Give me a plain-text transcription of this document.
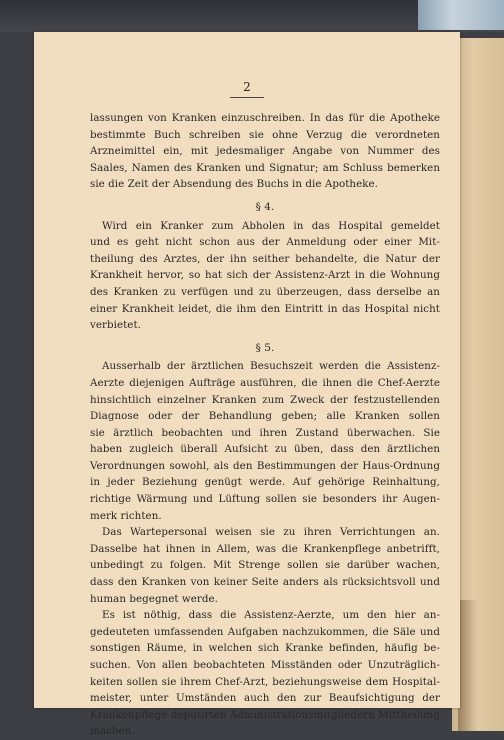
2
lassungen von Kranken einzuschreiben. In das für die Apotheke
bestimmte Buch schreiben sie ohne Verzug die verordneten
Arzneimittel ein, mit jedesmaliger Angabe von Nummer des
Saales, Namen des Kranken und Signatur; am Schluss bemerken
sie die Zeit der Absendung des Buchs in die Apotheke.
§ 4.
Wird ein Kranker zum Abholen in das Hospital gemeldet
und es geht nicht schon aus der Anmeldung oder einer Mit-
theilung des Arztes, der ihn seither behandelte, die Natur der
Krankheit hervor, so hat sich der Assistenz-Arzt in die Wohnung
des Kranken zu verfügen und zu überzeugen, dass derselbe an
einer Krankheit leidet, die ihm den Eintritt in das Hospital nicht
verbietet.
§ 5.
Ausserhalb der ärztlichen Besuchszeit werden die Assistenz-
Aerzte diejenigen Aufträge ausführen, die ihnen die Chef-Aerzte
hinsichtlich einzelner Kranken zum Zweck der festzustellenden
Diagnose oder der Behandlung geben; alle Kranken sollen
sie ärztlich beobachten und ihren Zustand überwachen. Sie
haben zugleich überall Aufsicht zu üben, dass den ärztlichen
Verordnungen sowohl, als den Bestimmungen der Haus-Ordnung
in jeder Beziehung genügt werde. Auf gehörige Reinhaltung,
richtige Wärmung und Lüftung sollen sie besonders ihr Augen-
merk richten.
Das Wartepersonal weisen sie zu ihren Verrichtungen an.
Dasselbe hat ihnen in Allem, was die Krankenpflege anbetrifft,
unbedingt zu folgen. Mit Strenge sollen sie darüber wachen,
dass den Kranken von keiner Seite anders als rücksichtsvoll und
human begegnet werde.
Es ist nöthig, dass die Assistenz-Aerzte, um den hier an-
gedeuteten umfassenden Aufgaben nachzukommen, die Säle und
sonstigen Räume, in welchen sich Kranke befinden, häufig be-
suchen. Von allen beobachteten Misständen oder Unzuträglich-
keiten sollen sie ihrem Chef-Arzt, beziehungsweise dem Hospital-
meister, unter Umständen auch den zur Beaufsichtigung der
Krankenpflege deputirten Administrationsmitgliedern Mittheilung
machen.
